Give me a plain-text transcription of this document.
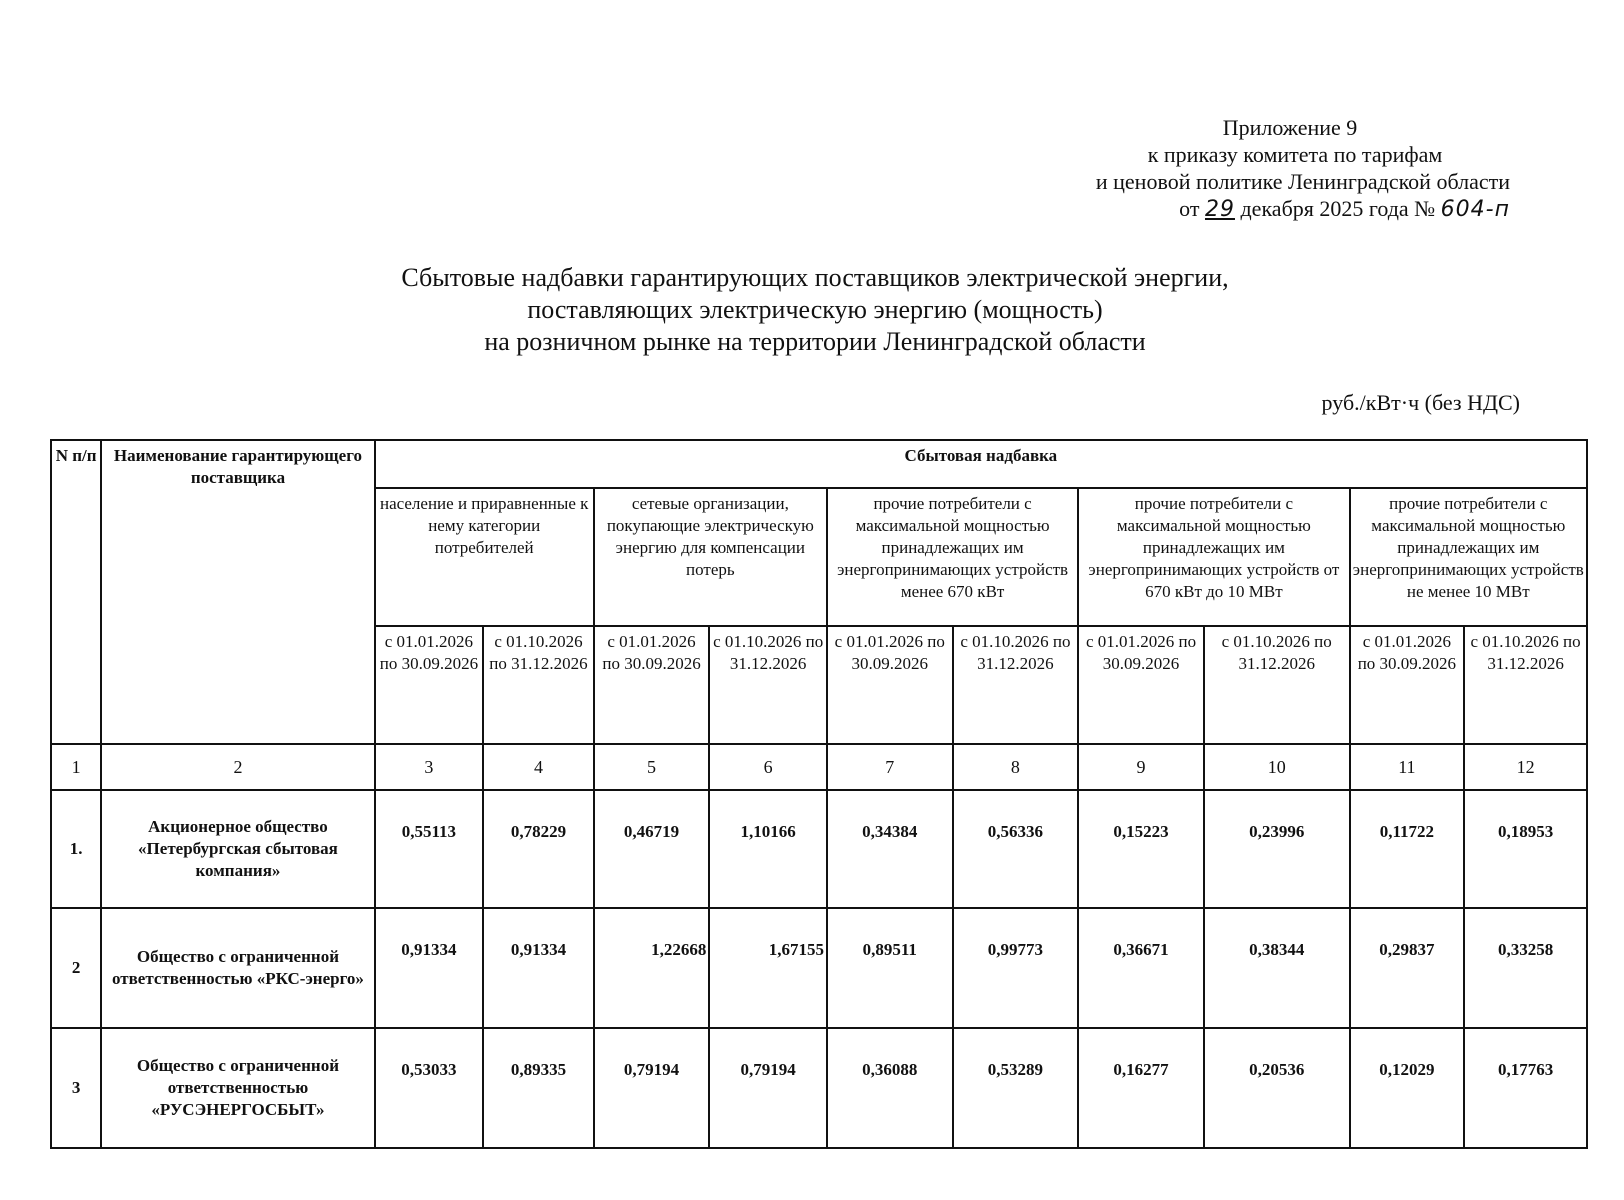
Приложение 9
к приказу комитета по тарифам
и ценовой политике Ленинградской области
от 29 декабря 2025 года № 604-п
Сбытовые надбавки гарантирующих поставщиков электрической энергии,
поставляющих электрическую энергию (мощность)
на розничном рынке на территории Ленинградской области
руб./кВт·ч (без НДС)
N п/п	Наименование гарантирующего поставщика	Сбытовая надбавка									
		население и приравненные к нему категории потребителей		сетевые организации, покупающие электрическую энергию для компенсации потерь		прочие потребители с максимальной мощностью принадлежащих им энергопринимающих устройств менее 670 кВт		прочие потребители с максимальной мощностью принадлежащих им энергопринимающих устройств от 670 кВт до 10 МВт		прочие потребители с максимальной мощностью принадлежащих им энергопринимающих устройств не менее 10 МВт	
		с 01.01.2026 по 30.09.2026	с 01.10.2026 по 31.12.2026	с 01.01.2026 по 30.09.2026	с 01.10.2026 по 31.12.2026	с 01.01.2026 по 30.09.2026	с 01.10.2026 по 31.12.2026	с 01.01.2026 по 30.09.2026	с 01.10.2026 по 31.12.2026	с 01.01.2026 по 30.09.2026	с 01.10.2026 по 31.12.2026
1	2	3	4	5	6	7	8	9	10	11	12
1.	Акционерное общество «Петербургская сбытовая компания»	0,55113	0,78229	0,46719	1,10166	0,34384	0,56336	0,15223	0,23996	0,11722	0,18953
2	Общество с ограниченной ответственностью «РКС-энерго»	0,91334	0,91334	1,22668	1,67155	0,89511	0,99773	0,36671	0,38344	0,29837	0,33258
3	Общество с ограниченной ответственностью «РУСЭНЕРГОСБЫТ»	0,53033	0,89335	0,79194	0,79194	0,36088	0,53289	0,16277	0,20536	0,12029	0,17763
